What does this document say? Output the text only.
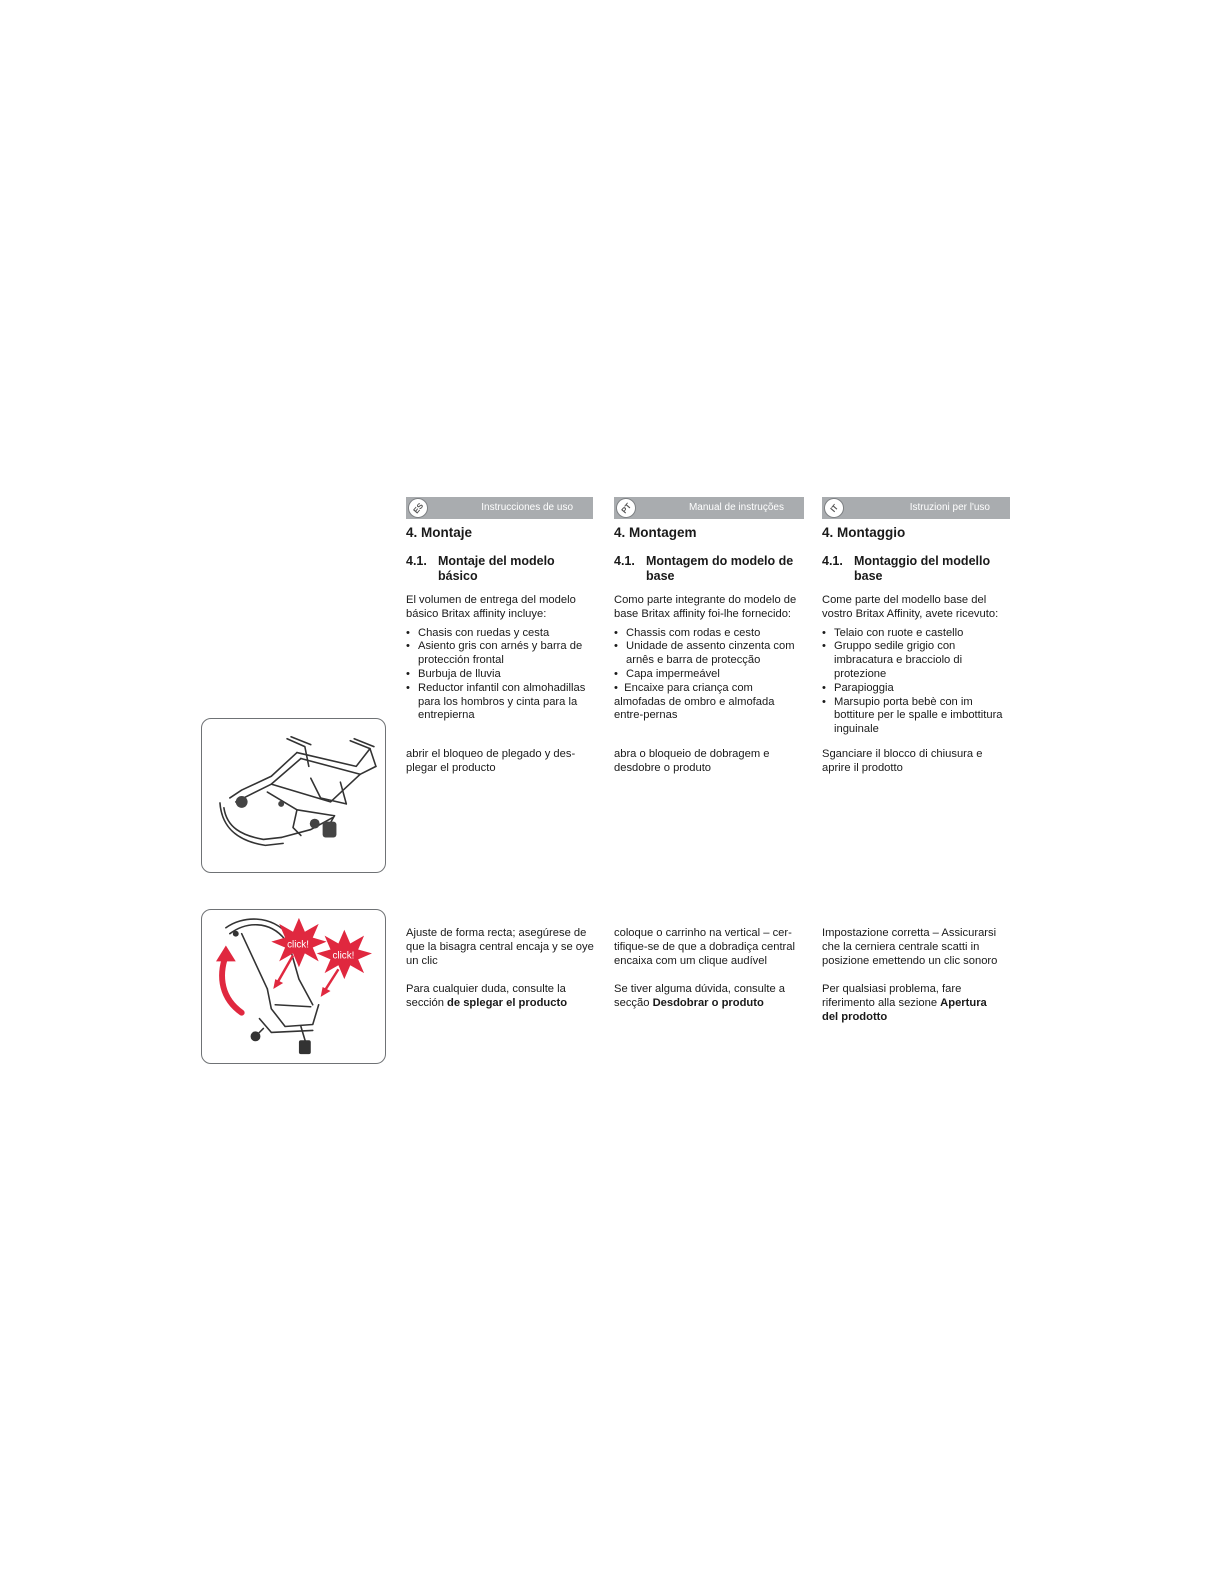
click!
click!
ES	Instrucciones de uso
4. Montaje
4.1. Montaje del modelo básico

El volumen de entrega del modelo básico Britax affinity incluye:

• Chasis con ruedas y cesta
• Asiento gris con arnés y barra de protección frontal
• Burbuja de lluvia
• Reductor infantil con almohadillas para los hombros y cinta para la entrepierna

abrir el bloqueo de plegado y des-plegar el producto

Ajuste de forma recta; asegúrese de que la bisagra central encaja y se oye un clic

Para cualquier duda, consulte la sección de splegar el producto

PT	Manual de instruções
4. Montagem
4.1. Montagem do modelo de base

Como parte integrante do modelo de base Britax affinity foi-lhe fornecido:

• Chassis com rodas e cesto
• Unidade de assento cinzenta com arnês e barra de protecção
• Capa impermeável
•  Encaixe para criança com almofadas de ombro e almofada entre-pernas

abra o bloqueio de dobragem e desdobre o produto

coloque o carrinho na vertical – cer-tifique-se de que a dobradiça central encaixa com um clique audível

Se tiver alguma dúvida, consulte a secção Desdobrar o produto

IT	Istruzioni per l'uso
4. Montaggio
4.1. Montaggio del modello base

Come parte del modello base del vostro Britax Affinity, avete ricevuto:

• Telaio con ruote e castello
• Gruppo sedile grigio con imbracatura e bracciolo di protezione
• Parapioggia
• Marsupio porta bebè con im bottiture per le spalle e imbottitura inguinale

Sganciare il blocco di chiusura e aprire il prodotto

Impostazione corretta – Assicurarsi che la cerniera centrale scatti in posizione emettendo un clic sonoro

Per qualsiasi problema, fare riferimento alla sezione Apertura del prodotto
